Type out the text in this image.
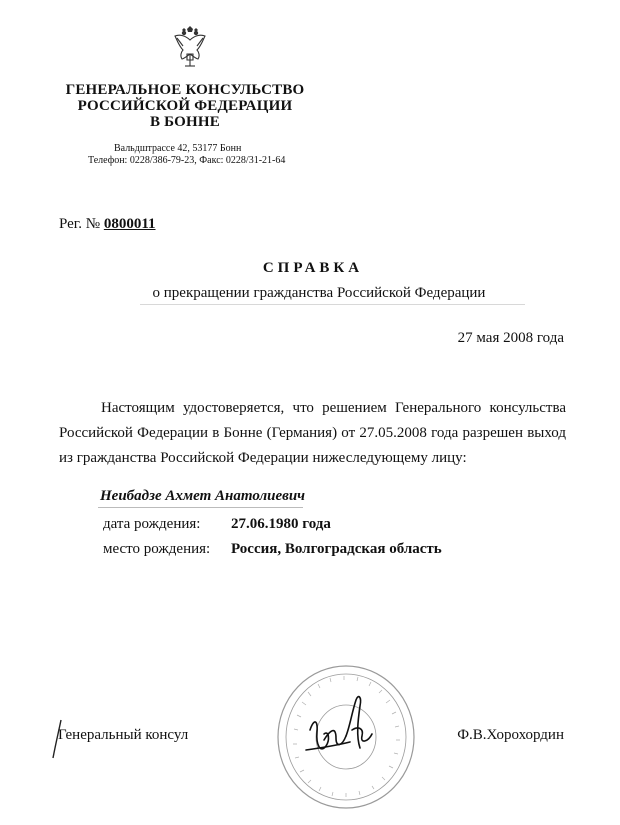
ГЕНЕРАЛЬНОЕ КОНСУЛЬСТВО
РОССИЙСКОЙ ФЕДЕРАЦИИ
В БОННЕ
Вальдштрассе 42, 53177 Бонн
Телефон: 0228/386-79-23, Факс: 0228/31-21-64
Рег. № 0800011
СПРАВКА
о прекращении гражданства Российской Федерации
27 мая 2008 года
Настоящим удостоверяется, что решением Генерального консульства Российской Федерации в Бонне (Германия) от 27.05.2008 года разрешен выход из гражданства Российской Федерации нижеследующему лицу:
Неибадзе Ахмет Анатолиевич
дата рождения: 27.06.1980 года
место рождения: Россия, Волгоградская область
Генеральный консул	Ф.В.Хорохордин
